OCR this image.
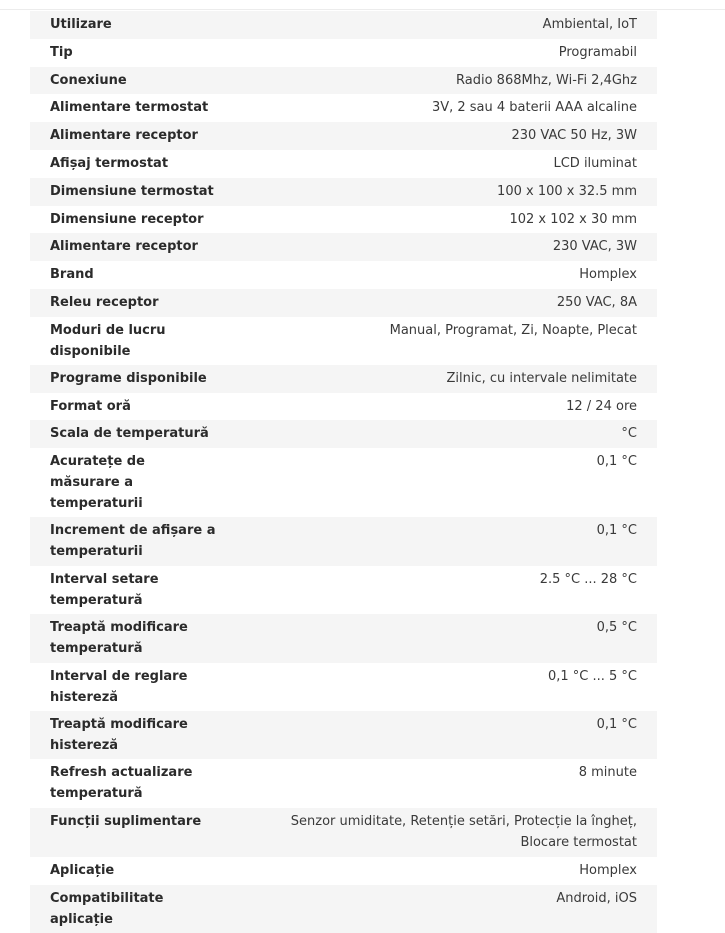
Utilizare	Ambiental, IoT
Tip	Programabil
Conexiune	Radio 868Mhz, Wi-Fi 2,4Ghz
Alimentare termostat	3V, 2 sau 4 baterii AAA alcaline
Alimentare receptor	230 VAC 50 Hz, 3W
Afișaj termostat	LCD iluminat
Dimensiune termostat	100 x 100 x 32.5 mm
Dimensiune receptor	102 x 102 x 30 mm
Alimentare receptor	230 VAC, 3W
Brand	Homplex
Releu receptor	250 VAC, 8A
Moduri de lucru disponibile	Manual, Programat, Zi, Noapte, Plecat
Programe disponibile	Zilnic, cu intervale nelimitate
Format oră	12 / 24 ore
Scala de temperatură	°C
Acuratețe de măsurare a temperaturii	0,1 °C
Increment de afișare a temperaturii	0,1 °C
Interval setare temperatură	2.5 °C ... 28 °C
Treaptă modificare temperatură	0,5 °C
Interval de reglare histereză	0,1 °C ... 5 °C
Treaptă modificare histereză	0,1 °C
Refresh actualizare temperatură	8 minute
Funcții suplimentare	Senzor umiditate, Retenție setări, Protecție la îngheț, Blocare termostat
Aplicație	Homplex
Compatibilitate aplicație	Android, iOS
